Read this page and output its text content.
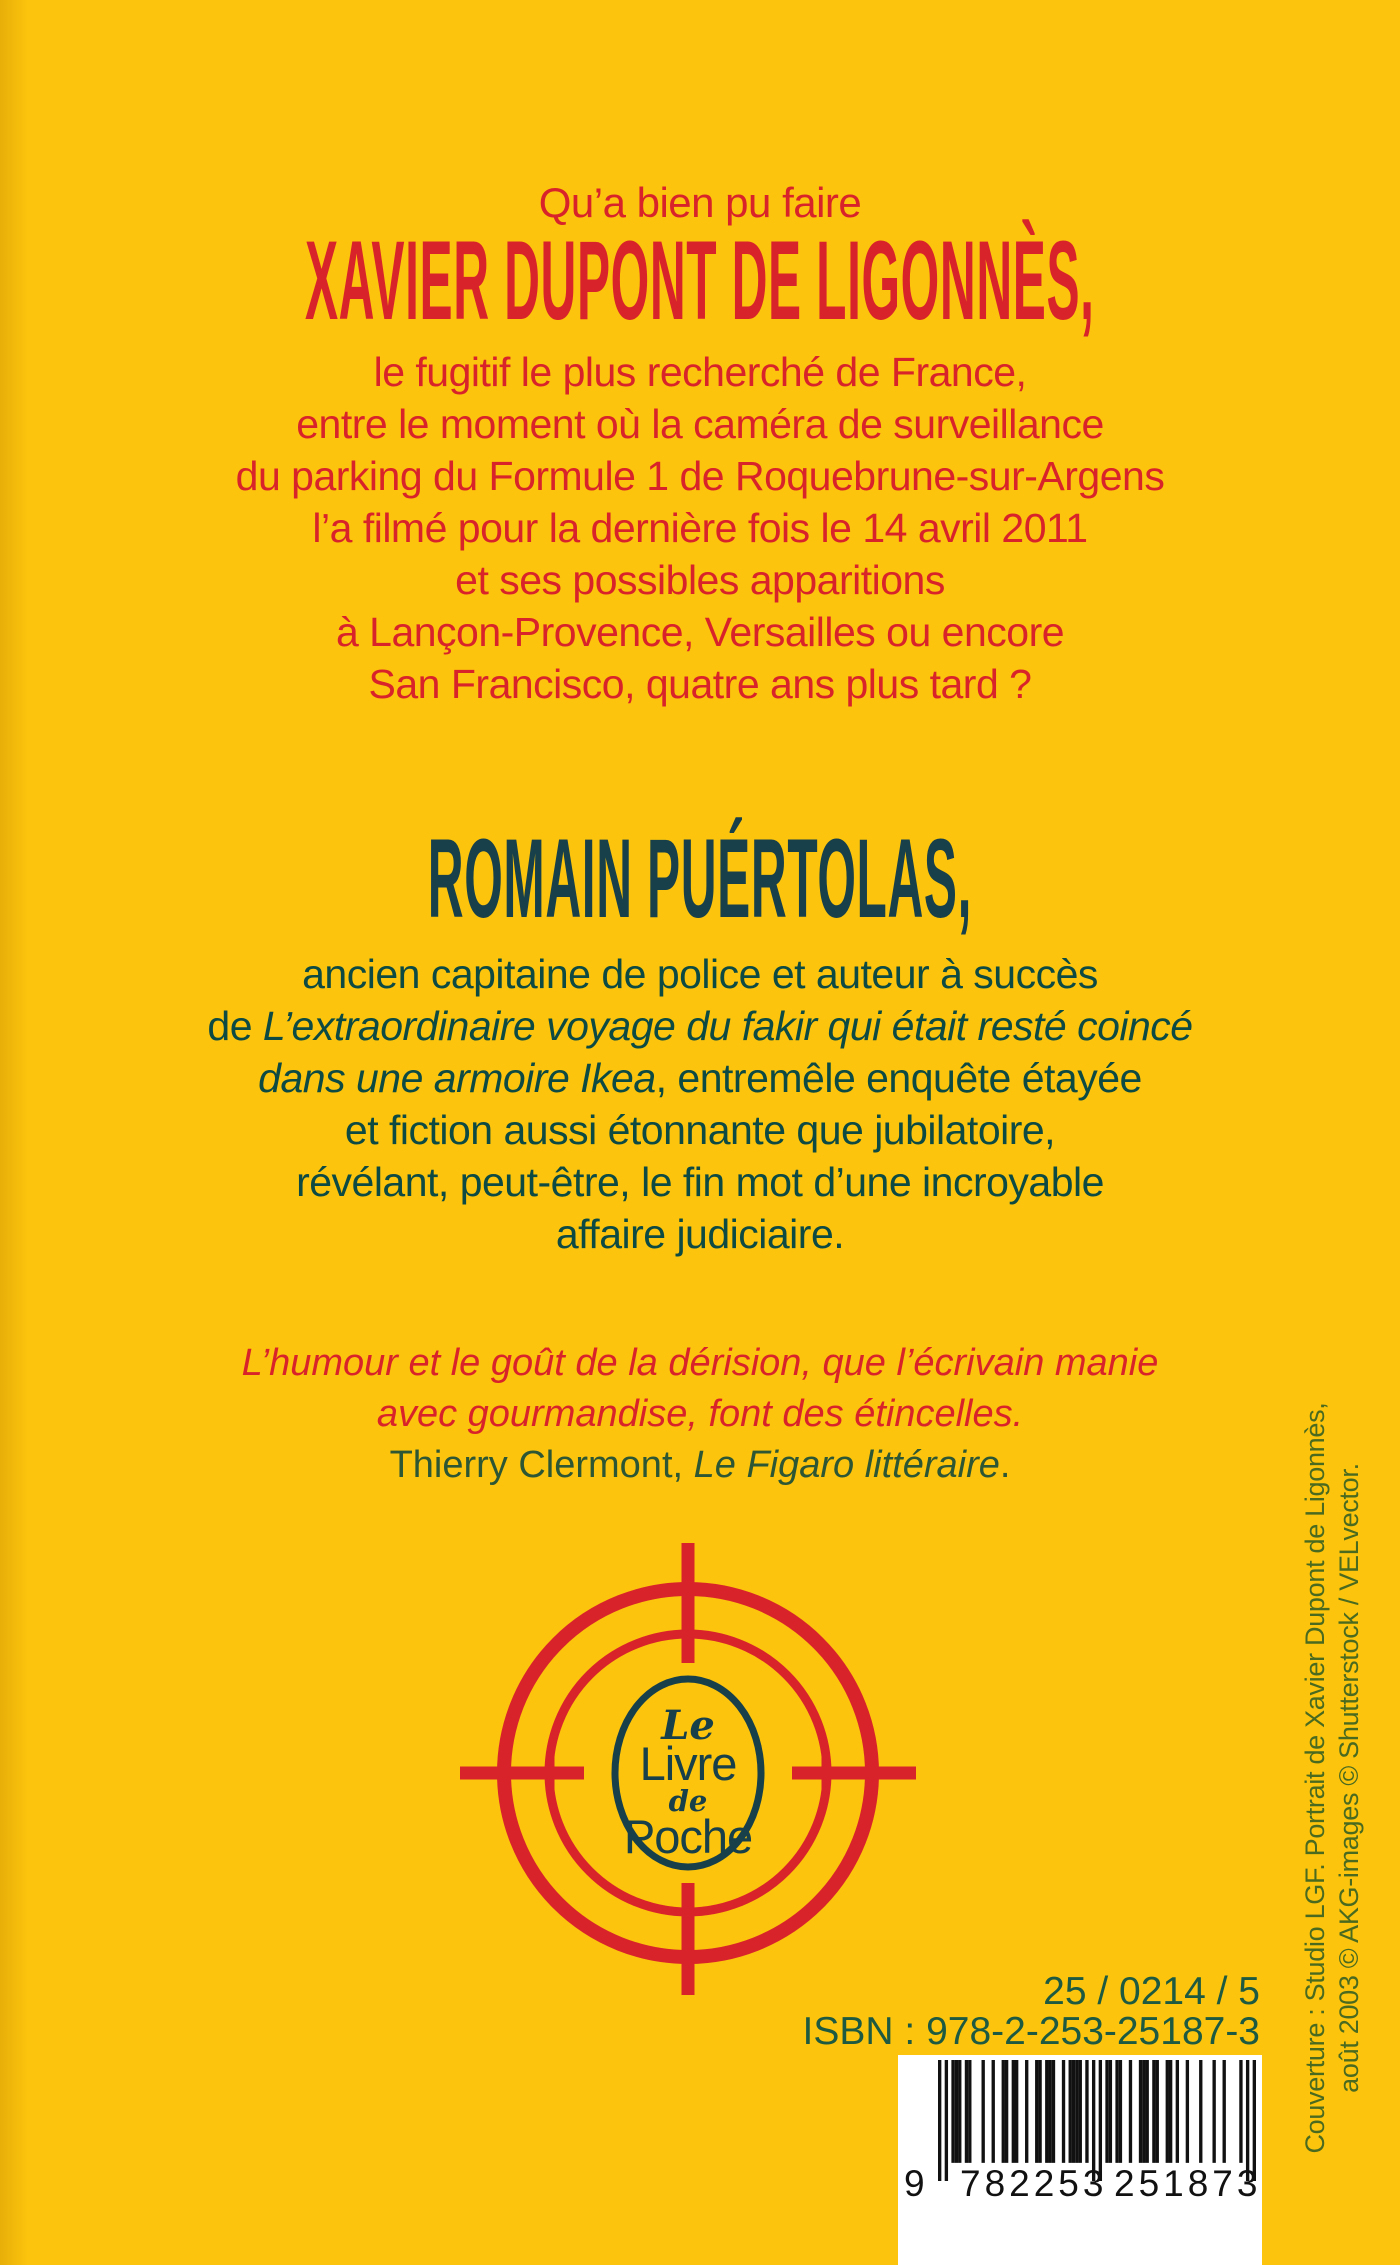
Qu’a bien pu faire
XAVIER DUPONT DE LIGONNÈS,
le fugitif le plus recherché de France,
entre le moment où la caméra de surveillance
du parking du Formule 1 de Roquebrune-sur-Argens
l’a filmé pour la dernière fois le 14 avril 2011
et ses possibles apparitions
à Lançon-Provence, Versailles ou encore
San Francisco, quatre ans plus tard ?
ROMAIN PUÉRTOLAS,
ancien capitaine de police et auteur à succès
de L’extraordinaire voyage du fakir qui était resté coincé
dans une armoire Ikea, entremêle enquête étayée
et fiction aussi étonnante que jubilatoire,
révélant, peut-être, le fin mot d’une incroyable
affaire judiciaire.
L’humour et le goût de la dérision, que l’écrivain manie
avec gourmandise, font des étincelles.
Thierry Clermont, Le Figaro littéraire.
Le
Livre
de
Poche
25 / 0214 / 5
ISBN : 978-2-253-25187-3
9 782253 251873
Couverture : Studio LGF. Portrait de Xavier Dupont de Ligonnès, août 2003 © AKG-images © Shutterstock / VELvector.
